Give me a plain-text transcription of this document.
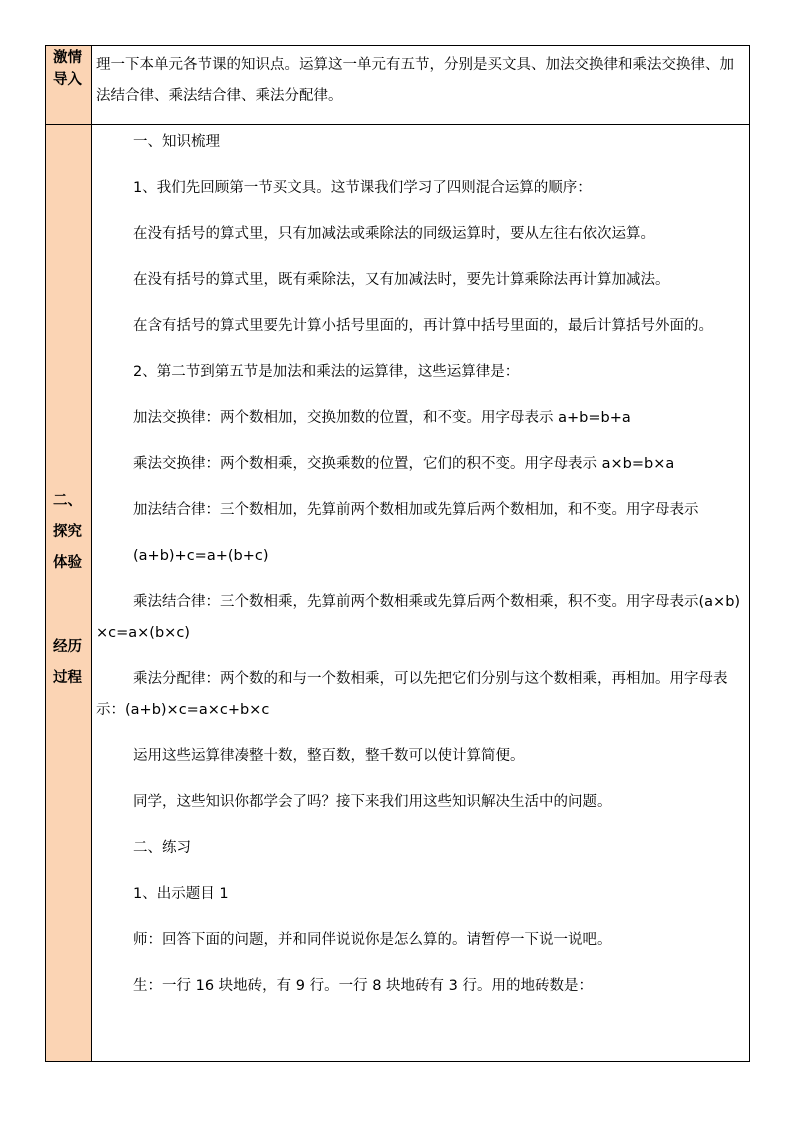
激情
导入

理一下本单元各节课的知识点。运算这一单元有五节，分别是买文具、加法交换律和乘法交换律、加法结合律、乘法结合律、乘法分配律。

二、
探究
体验
经历
过程

一、知识梳理

1、我们先回顾第一节买文具。这节课我们学习了四则混合运算的顺序：

在没有括号的算式里，只有加减法或乘除法的同级运算时，要从左往右依次运算。

在没有括号的算式里，既有乘除法，又有加减法时，要先计算乘除法再计算加减法。

在含有括号的算式里要先计算小括号里面的，再计算中括号里面的，最后计算括号外面的。

2、第二节到第五节是加法和乘法的运算律，这些运算律是：

加法交换律：两个数相加，交换加数的位置，和不变。用字母表示 a+b=b+a

乘法交换律：两个数相乘，交换乘数的位置，它们的积不变。用字母表示 a×b=b×a

加法结合律：三个数相加，先算前两个数相加或先算后两个数相加，和不变。用字母表示

(a+b)+c=a+(b+c)

乘法结合律：三个数相乘，先算前两个数相乘或先算后两个数相乘，积不变。用字母表示(a×b)×c=a×(b×c)

乘法分配律：两个数的和与一个数相乘，可以先把它们分别与这个数相乘，再相加。用字母表示：(a+b)×c=a×c+b×c

运用这些运算律凑整十数，整百数，整千数可以使计算简便。

同学，这些知识你都学会了吗？接下来我们用这些知识解决生活中的问题。

二、练习

1、出示题目 1

师：回答下面的问题，并和同伴说说你是怎么算的。请暂停一下说一说吧。

生：一行 16 块地砖，有 9 行。一行 8 块地砖有 3 行。用的地砖数是：
